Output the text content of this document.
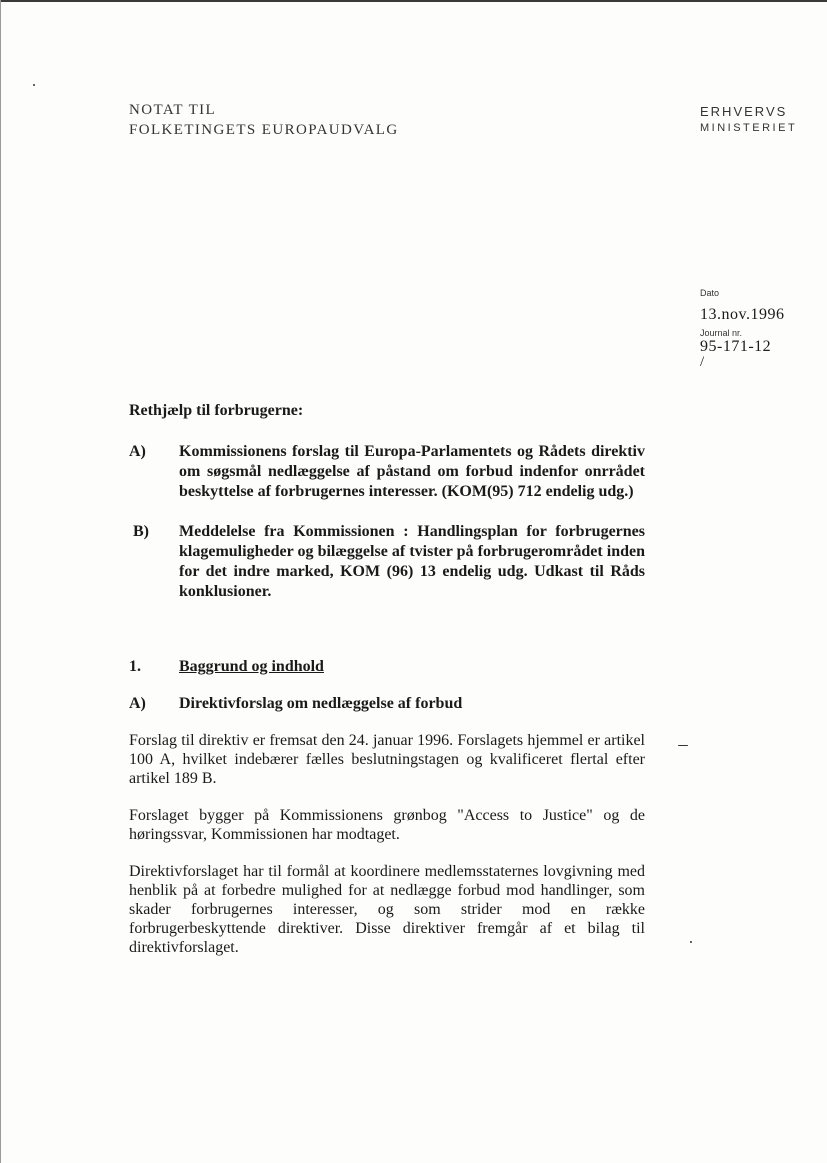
NOTAT TIL
FOLKETINGETS EUROPAUDVALG
ERHVERVS
MINISTERIET
Dato
13.nov.1996
Journal nr.
95-171-12
/
Rethjælp til forbrugerne:
A)	Kommissionens forslag til Europa-Parlamentets og Rådets direktiv om søgsmål nedlæggelse af påstand om forbud indenfor onrrådet beskyttelse af forbrugernes interesser. (KOM(95) 712 endelig udg.)
B)	Meddelelse fra Kommissionen : Handlingsplan for forbrugernes klagemuligheder og bilæggelse af tvister på forbrugerområdet inden for det indre marked, KOM (96) 13 endelig udg. Udkast til Råds konklusioner.
1.	Baggrund og indhold
A)	Direktivforslag om nedlæggelse af forbud

Forslag til direktiv er fremsat den 24. januar 1996. Forslagets hjemmel er artikel 100 A, hvilket indebærer fælles beslutningstagen og kvalificeret flertal efter artikel 189 B.

Forslaget bygger på Kommissionens grønbog "Access to Justice" og de høringssvar, Kommissionen har modtaget.

Direktivforslaget har til formål at koordinere medlemsstaternes lovgivning med henblik på at forbedre mulighed for at nedlægge forbud mod handlinger, som skader forbrugernes interesser, og som strider mod en række forbrugerbeskyttende direktiver. Disse direktiver fremgår af et bilag til direktivforslaget.
